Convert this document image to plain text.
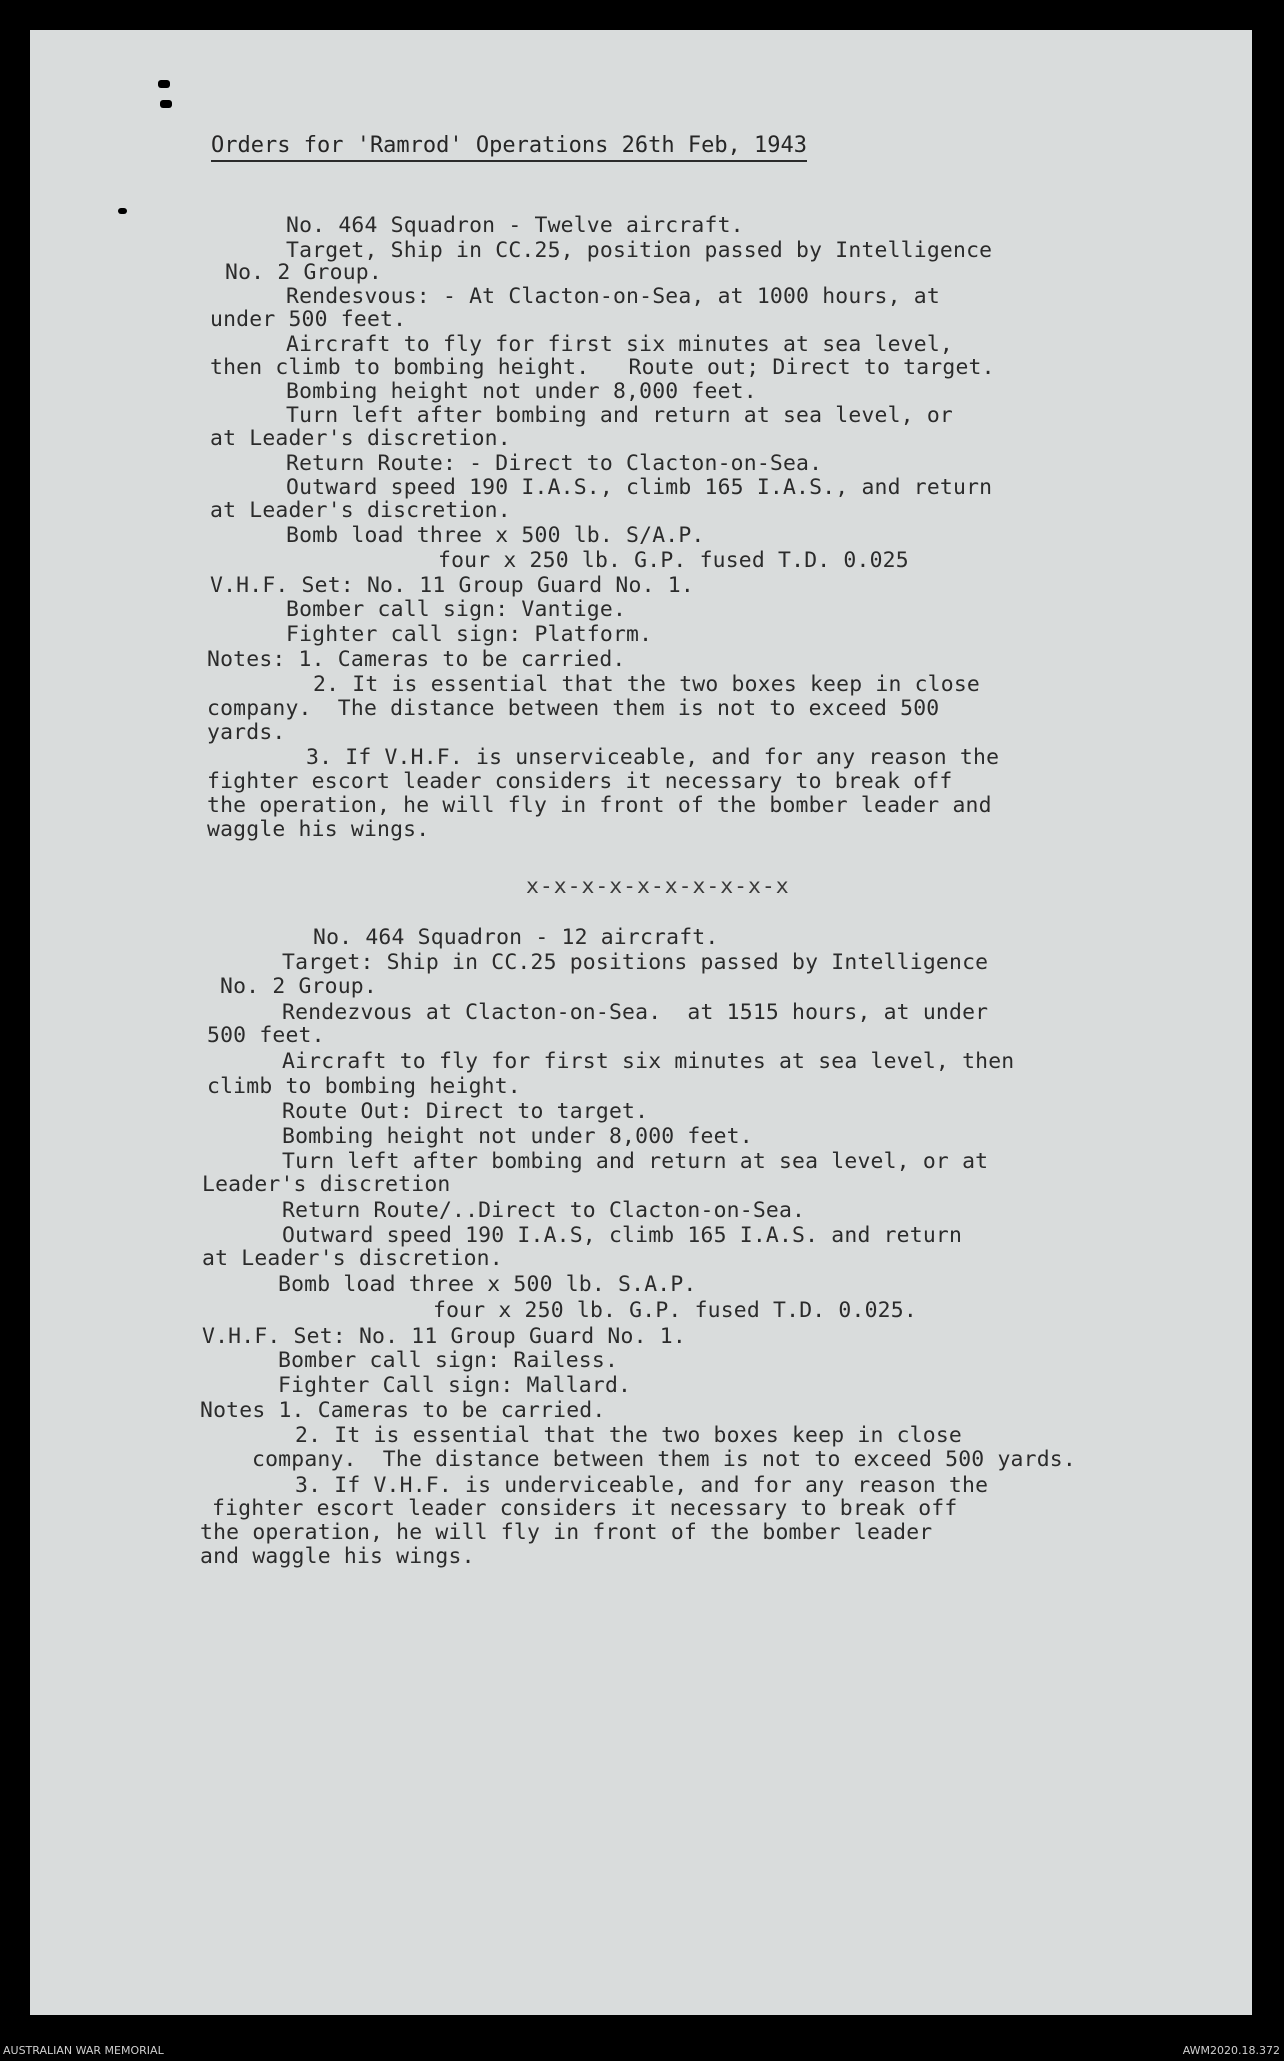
Orders for 'Ramrod' Operations 26th Feb, 1943
No. 464 Squadron - Twelve aircraft.
Target, Ship in CC.25, position passed by Intelligence
No. 2 Group.
Rendesvous: - At Clacton-on-Sea, at 1000 hours, at
under 500 feet.
Aircraft to fly for first six minutes at sea level,
then climb to bombing height.   Route out; Direct to target.
Bombing height not under 8,000 feet.
Turn left after bombing and return at sea level, or
at Leader's discretion.
Return Route: - Direct to Clacton-on-Sea.
Outward speed 190 I.A.S., climb 165 I.A.S., and return
at Leader's discretion.
Bomb load three x 500 lb. S/A.P.
four x 250 lb. G.P. fused T.D. 0.025
V.H.F. Set: No. 11 Group Guard No. 1.
Bomber call sign: Vantige.
Fighter call sign: Platform.
Notes: 1. Cameras to be carried.
2. It is essential that the two boxes keep in close
company.  The distance between them is not to exceed 500
yards.
3. If V.H.F. is unserviceable, and for any reason the
fighter escort leader considers it necessary to break off
the operation, he will fly in front of the bomber leader and
waggle his wings.
x-x-x-x-x-x-x-x-x-x
No. 464 Squadron - 12 aircraft.
Target: Ship in CC.25 positions passed by Intelligence
No. 2 Group.
Rendezvous at Clacton-on-Sea.  at 1515 hours, at under
500 feet.
Aircraft to fly for first six minutes at sea level, then
climb to bombing height.
Route Out: Direct to target.
Bombing height not under 8,000 feet.
Turn left after bombing and return at sea level, or at
Leader's discretion
Return Route/..Direct to Clacton-on-Sea.
Outward speed 190 I.A.S, climb 165 I.A.S. and return
at Leader's discretion.
Bomb load three x 500 lb. S.A.P.
four x 250 lb. G.P. fused T.D. 0.025.
V.H.F. Set: No. 11 Group Guard No. 1.
Bomber call sign: Railess.
Fighter Call sign: Mallard.
Notes 1. Cameras to be carried.
2. It is essential that the two boxes keep in close
company.  The distance between them is not to exceed 500 yards.
3. If V.H.F. is underviceable, and for any reason the
fighter escort leader considers it necessary to break off
the operation, he will fly in front of the bomber leader
and waggle his wings.
AUSTRALIAN WAR MEMORIAL	AWM2020.18.372
